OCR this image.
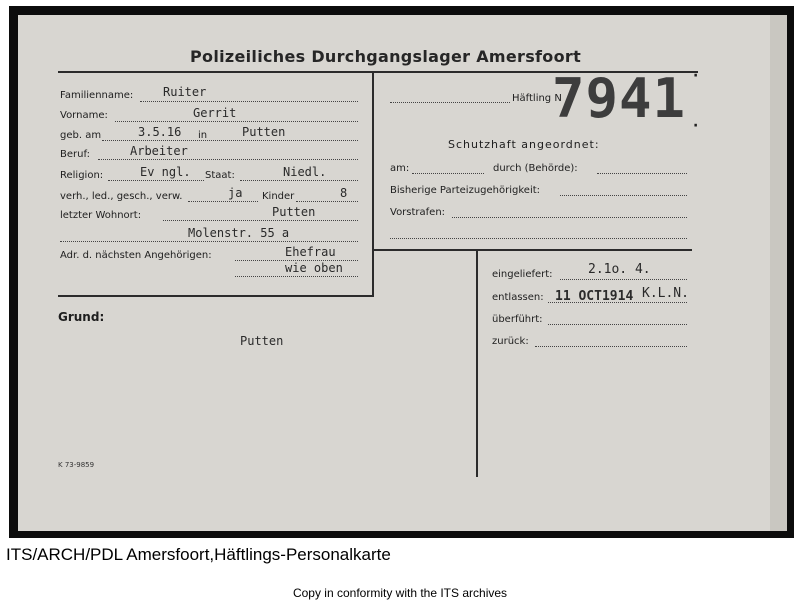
Polizeiliches Durchgangslager Amersfoort
·
·
Familienname: Ruiter
Vorname:	Gerrit
geb. am	3.5.16 in	Putten
Beruf:	Arbeiter
Religion:	Ev ngl. Staat:	Niedl.
verh., led., gesch., verw.	ja Kinder	8
letzter Wohnort:	Putten
Molenstr. 55 a
Adr. d. nächsten Angehörigen:	Ehefrau
wie oben
Häftling N
7941
Schutzhaft angeordnet:
am:	durch (Behörde):
Bisherige Parteizugehörigkeit:
Vorstrafen:
Grund:
Putten
K 73-9859
eingeliefert:	2.1o. 4.
entlassen: 11 OCT1914 K.L.N.
überführt:
zurück:
ITS/ARCH/PDL Amersfoort,Häftlings-Personalkarte
Copy in conformity with the ITS archives
